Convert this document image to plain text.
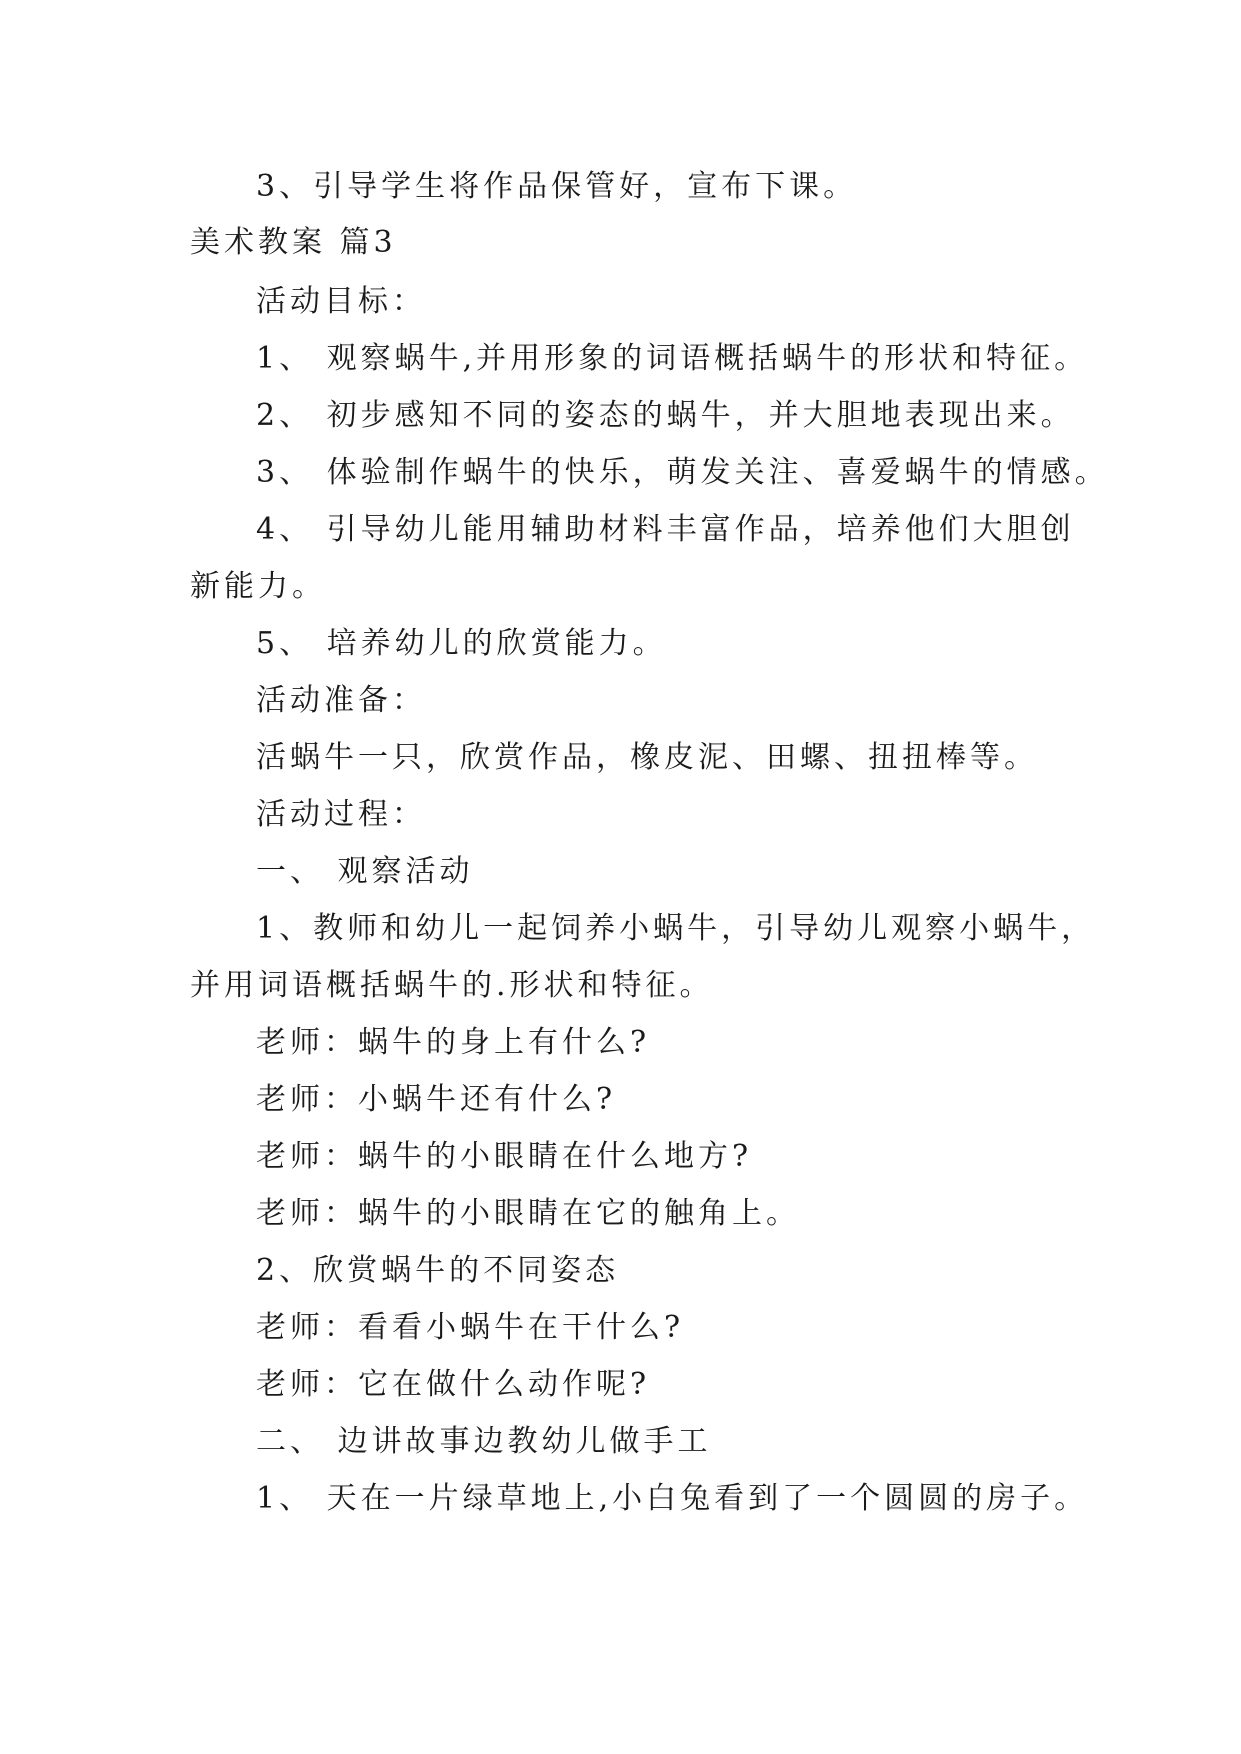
3、引导学生将作品保管好，宣布下课。
美术教案 篇3
活动目标：
1、 观察蜗牛,并用形象的词语概括蜗牛的形状和特征。
2、 初步感知不同的姿态的蜗牛，并大胆地表现出来。
3、 体验制作蜗牛的快乐，萌发关注、喜爱蜗牛的情感。
4、 引导幼儿能用辅助材料丰富作品，培养他们大胆创
新能力。
5、 培养幼儿的欣赏能力。
活动准备：
活蜗牛一只，欣赏作品，橡皮泥、田螺、扭扭棒等。
活动过程：
一、 观察活动
1、教师和幼儿一起饲养小蜗牛，引导幼儿观察小蜗牛，
并用词语概括蜗牛的.形状和特征。
老师：蜗牛的身上有什么?
老师：小蜗牛还有什么?
老师：蜗牛的小眼睛在什么地方?
老师：蜗牛的小眼睛在它的触角上。
2、欣赏蜗牛的不同姿态
老师：看看小蜗牛在干什么?
老师：它在做什么动作呢?
二、 边讲故事边教幼儿做手工
1、 天在一片绿草地上,小白兔看到了一个圆圆的房子。
